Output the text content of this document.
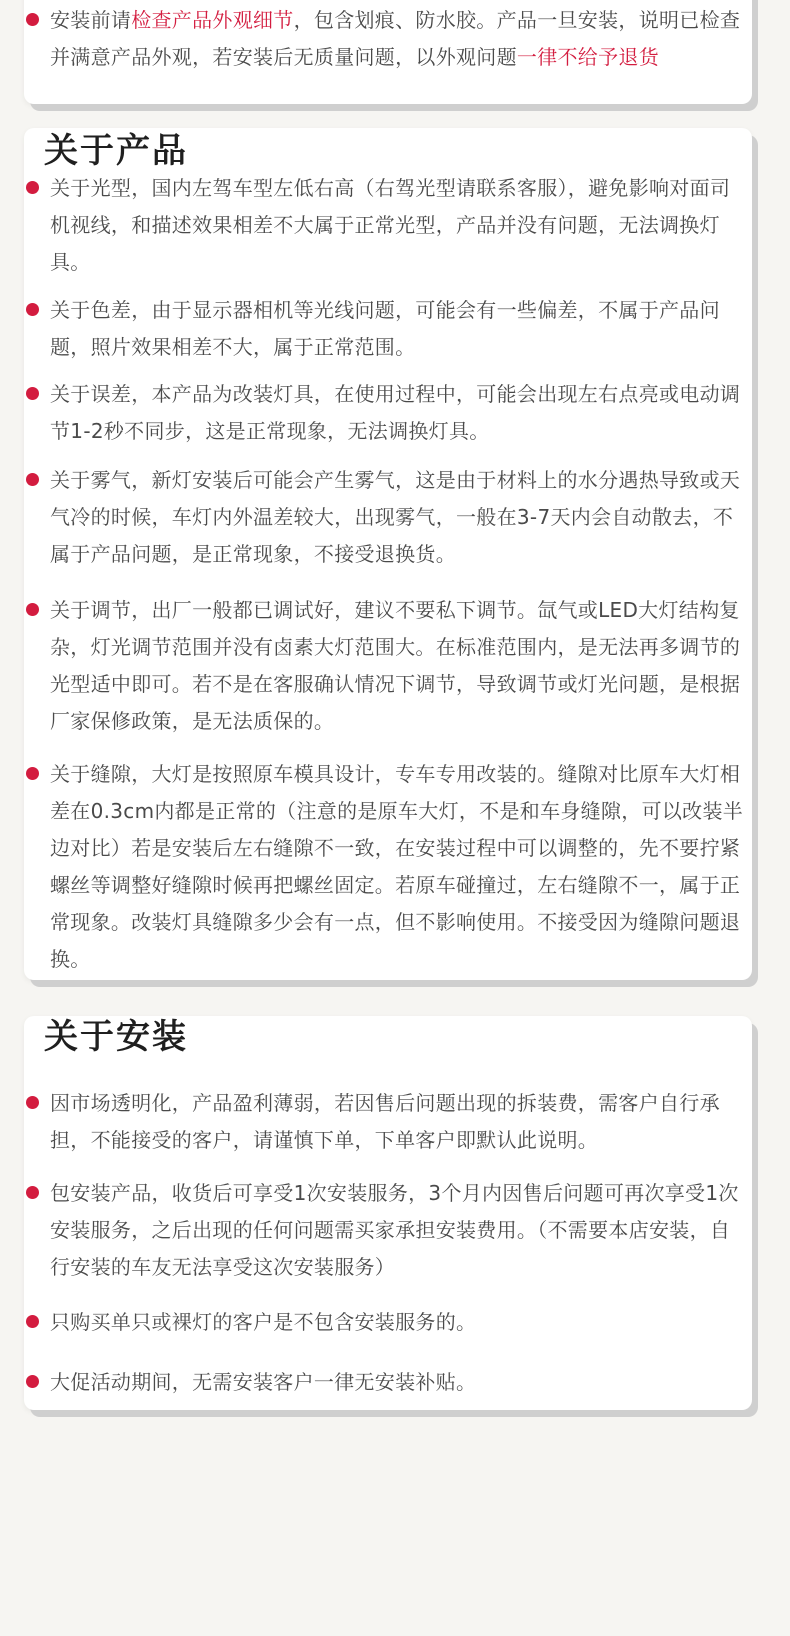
安装前请检查产品外观细节，包含划痕、防水胶。产品一旦安装，说明已检查并满意产品外观，若安装后无质量问题，以外观问题一律不给予退货
关于产品
关于光型，国内左驾车型左低右高（右驾光型请联系客服），避免影响对面司机视线，和描述效果相差不大属于正常光型，产品并没有问题，无法调换灯具。
关于色差，由于显示器相机等光线问题，可能会有一些偏差，不属于产品问题，照片效果相差不大，属于正常范围。
关于误差，本产品为改装灯具，在使用过程中，可能会出现左右点亮或电动调节1-2秒不同步，这是正常现象，无法调换灯具。
关于雾气，新灯安装后可能会产生雾气，这是由于材料上的水分遇热导致或天气冷的时候，车灯内外温差较大，出现雾气，一般在3-7天内会自动散去，不属于产品问题，是正常现象，不接受退换货。
关于调节，出厂一般都已调试好，建议不要私下调节。氙气或LED大灯结构复杂，灯光调节范围并没有卤素大灯范围大。在标准范围内，是无法再多调节的光型适中即可。若不是在客服确认情况下调节，导致调节或灯光问题，是根据厂家保修政策，是无法质保的。
关于缝隙，大灯是按照原车模具设计，专车专用改装的。缝隙对比原车大灯相差在0.3cm内都是正常的（注意的是原车大灯，不是和车身缝隙，可以改装半边对比）若是安装后左右缝隙不一致，在安装过程中可以调整的，先不要拧紧螺丝等调整好缝隙时候再把螺丝固定。若原车碰撞过，左右缝隙不一，属于正常现象。改装灯具缝隙多少会有一点，但不影响使用。不接受因为缝隙问题退换。
关于安装
因市场透明化，产品盈利薄弱，若因售后问题出现的拆装费，需客户自行承担，不能接受的客户，请谨慎下单，下单客户即默认此说明。
包安装产品，收货后可享受1次安装服务，3个月内因售后问题可再次享受1次安装服务，之后出现的任何问题需买家承担安装费用。（不需要本店安装，自行安装的车友无法享受这次安装服务）
只购买单只或裸灯的客户是不包含安装服务的。
大促活动期间，无需安装客户一律无安装补贴。
